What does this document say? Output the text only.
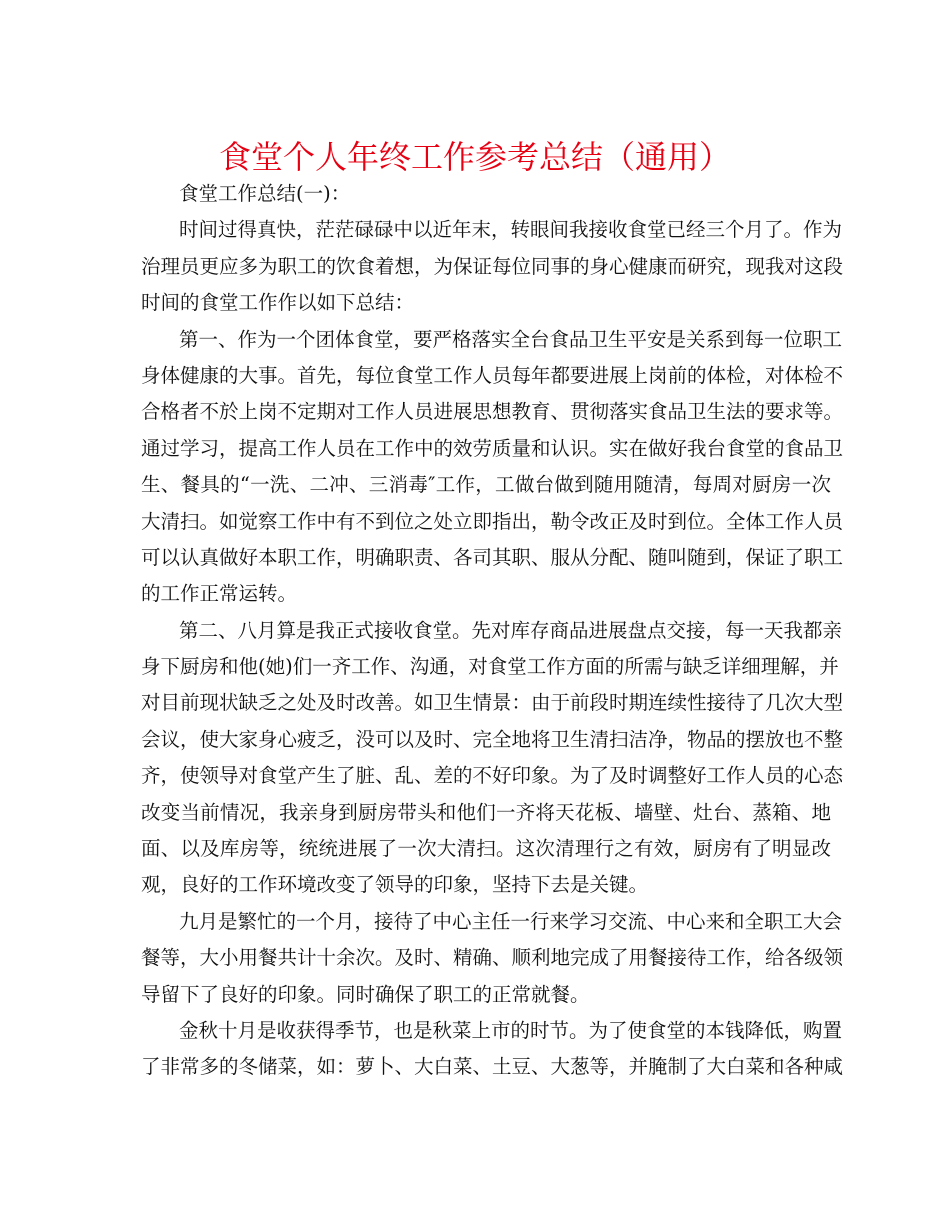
食堂个人年终工作参考总结（通用）
食堂工作总结(一)：
时间过得真快，茫茫碌碌中以近年末，转眼间我接收食堂已经三个月了。作为
治理员更应多为职工的饮食着想，为保证每位同事的身心健康而研究，现我对这段
时间的食堂工作作以如下总结：
第一、作为一个团体食堂，要严格落实全台食品卫生平安是关系到每一位职工
身体健康的大事。首先，每位食堂工作人员每年都要进展上岗前的体检，对体检不
合格者不於上岗不定期对工作人员进展思想教育、贯彻落实食品卫生法的要求等。
通过学习，提高工作人员在工作中的效劳质量和认识。实在做好我台食堂的食品卫
生、餐具的“一洗、二冲、三消毒″工作，工做台做到随用随清，每周对厨房一次
大清扫。如觉察工作中有不到位之处立即指出，勒令改正及时到位。全体工作人员
可以认真做好本职工作，明确职责、各司其职、服从分配、随叫随到，保证了职工
的工作正常运转。
第二、八月算是我正式接收食堂。先对库存商品进展盘点交接，每一天我都亲
身下厨房和他(她)们一齐工作、沟通，对食堂工作方面的所需与缺乏详细理解，并
对目前现状缺乏之处及时改善。如卫生情景：由于前段时期连续性接待了几次大型
会议，使大家身心疲乏，没可以及时、完全地将卫生清扫洁净，物品的摆放也不整
齐，使领导对食堂产生了脏、乱、差的不好印象。为了及时调整好工作人员的心态
改变当前情况，我亲身到厨房带头和他们一齐将天花板、墙壁、灶台、蒸箱、地
面、以及库房等，统统进展了一次大清扫。这次清理行之有效，厨房有了明显改
观，良好的工作环境改变了领导的印象，坚持下去是关键。
九月是繁忙的一个月，接待了中心主任一行来学习交流、中心来和全职工大会
餐等，大小用餐共计十余次。及时、精确、顺利地完成了用餐接待工作，给各级领
导留下了良好的印象。同时确保了职工的正常就餐。
金秋十月是收获得季节，也是秋菜上市的时节。为了使食堂的本钱降低，购置
了非常多的冬储菜，如：萝卜、大白菜、土豆、大葱等，并腌制了大白菜和各种咸
